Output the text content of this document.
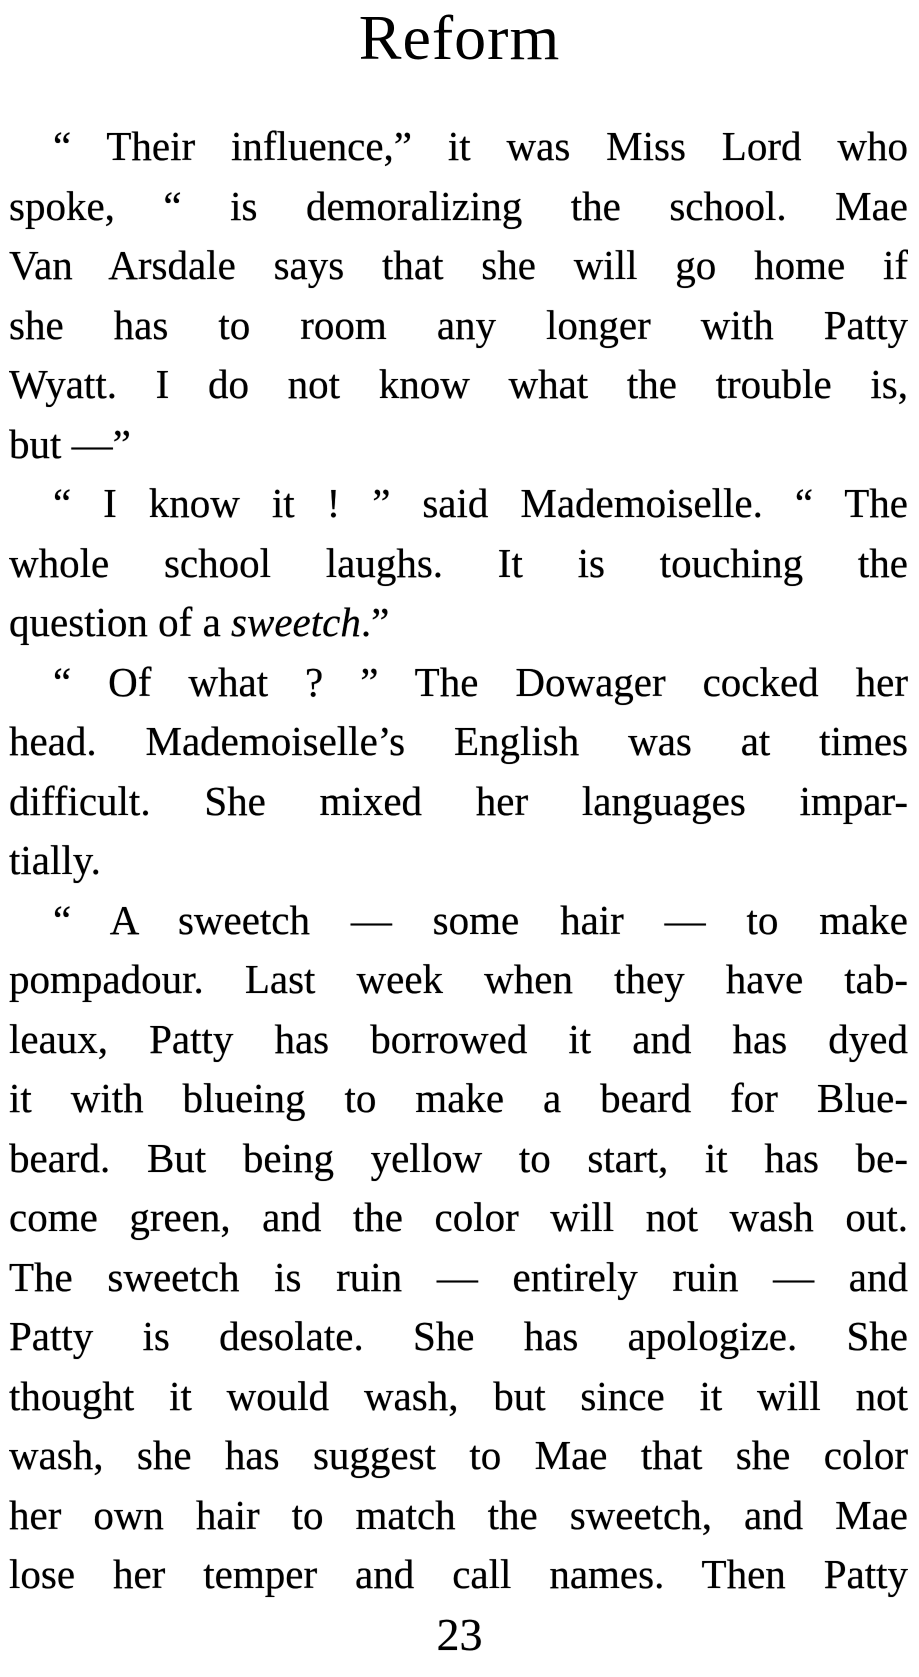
Reform
“ Their influence,” it was Miss Lord who
spoke, “ is demoralizing the school. Mae
Van Arsdale says that she will go home if
she has to room any longer with Patty
Wyatt. I do not know what the trouble is,
but —”
“ I know it ! ” said Mademoiselle. “ The
whole school laughs. It is touching the
question of a sweetch.”
“ Of what ? ” The Dowager cocked her
head. Mademoiselle’s English was at times
difficult. She mixed her languages impar-
tially.
“ A sweetch — some hair — to make
pompadour. Last week when they have tab-
leaux, Patty has borrowed it and has dyed
it with blueing to make a beard for Blue-
beard. But being yellow to start, it has be-
come green, and the color will not wash out.
The sweetch is ruin — entirely ruin — and
Patty is desolate. She has apologize. She
thought it would wash, but since it will not
wash, she has suggest to Mae that she color
her own hair to match the sweetch, and Mae
lose her temper and call names. Then Patty
23
